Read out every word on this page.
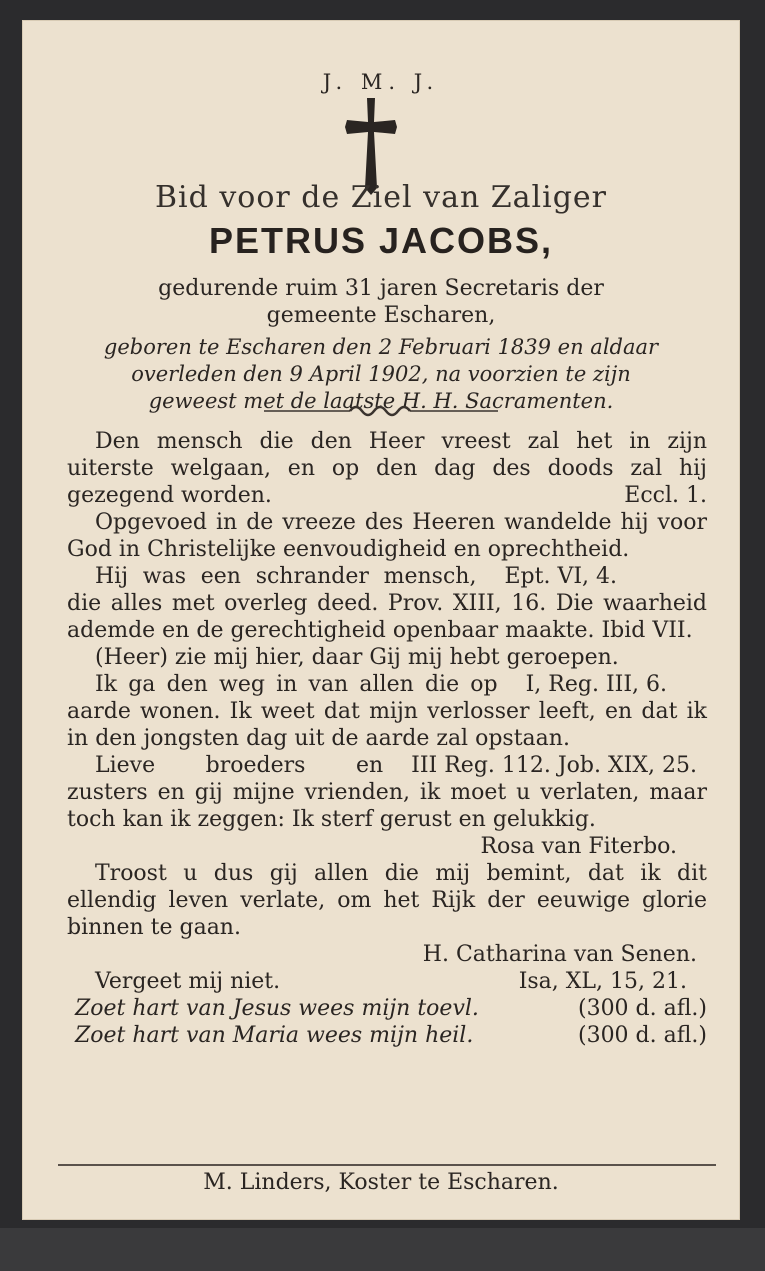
J. M. J.
Bid voor de Ziel van Zaliger
PETRUS JACOBS,
gedurende ruim 31 jaren Secretaris der
gemeente Escharen,
geboren te Escharen den 2 Februari 1839 en aldaar
overleden den 9 April 1902, na voorzien te zijn
geweest met de laatste H. H. Sacramenten.

Den mensch die den Heer vreest zal het in zijn uiterste welgaan, en op den dag des doods zal hij gezegend worden.	Eccl. 1.

Opgevoed in de vreeze des Heeren wandelde hij voor God in Christelijke eenvoudigheid en oprechtheid.
Ept. VI, 4.

Hij was een schrander mensch, die alles met overleg deed. Prov. XIII, 16. Die waarheid ademde en de gerechtigheid openbaar maakte. Ibid VII.

(Heer) zie mij hier, daar Gij mij hebt geroepen.
I, Reg. III, 6.

Ik ga den weg in van allen die op aarde wonen. Ik weet dat mijn verlosser leeft, en dat ik in den jongsten dag uit de aarde zal opstaan.
III Reg. 112. Job. XIX, 25.

Lieve broeders en zusters en gij mijne vrienden, ik moet u verlaten, maar toch kan ik zeggen: Ik sterf gerust en gelukkig.

Rosa van Fiterbo.

Troost u dus gij allen die mij bemint, dat ik dit ellendig leven verlate, om het Rijk der eeuwige glorie binnen te gaan.

H. Catharina van Senen.

Vergeet mij niet.	Isa, XL, 15, 21.

Zoet hart van Jesus wees mijn toevl.	(300 d. afl.)

Zoet hart van Maria wees mijn heil.	(300 d. afl.)

M. Linders, Koster te Escharen.
